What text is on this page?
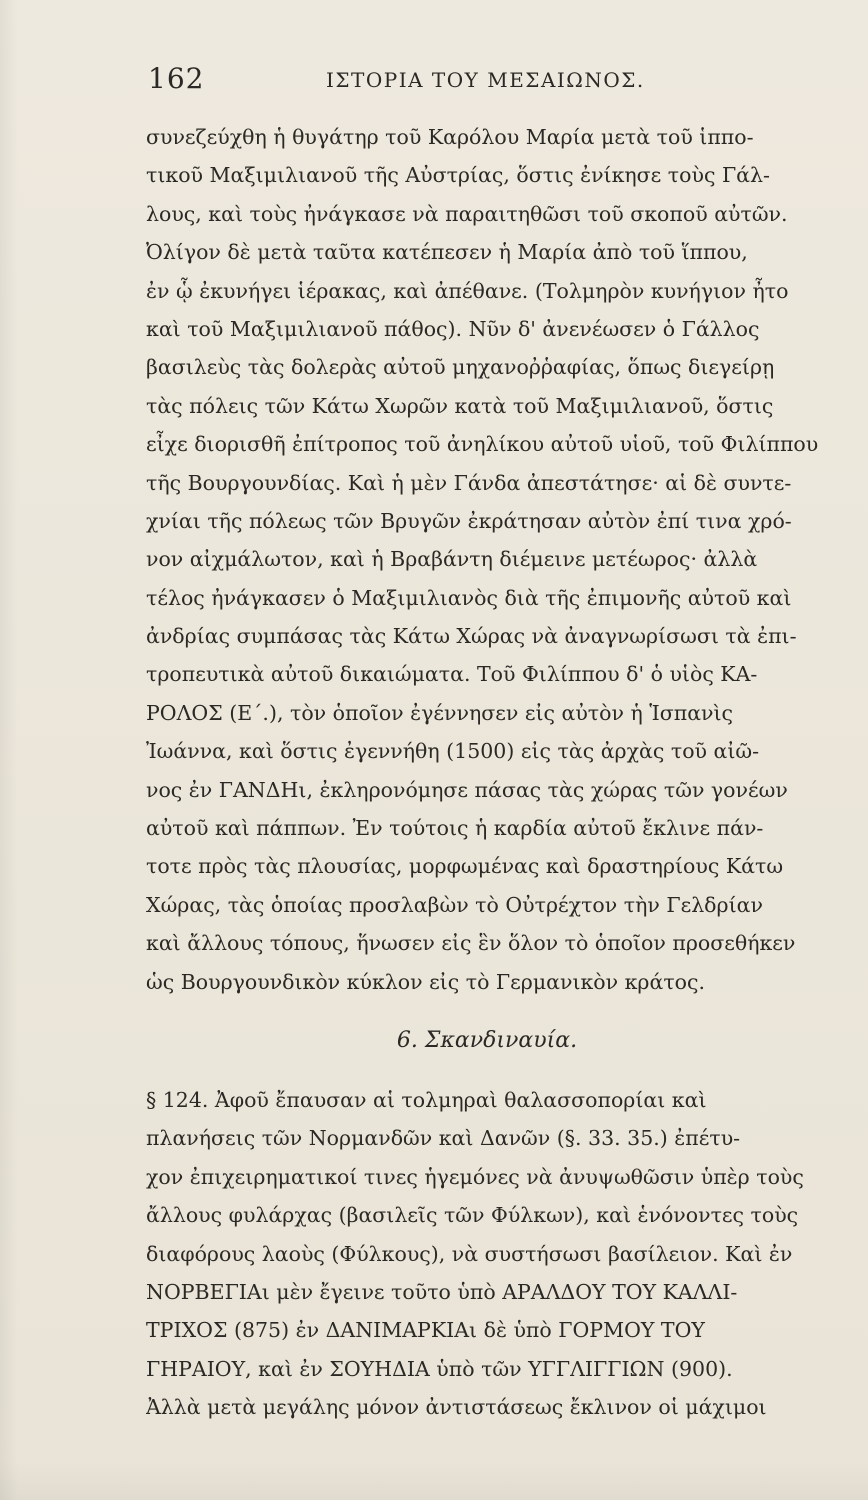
162	ΙΣΤΟΡΙΑ ΤΟΥ ΜΕΣΑΙΩΝΟΣ.
συνεζεύχθη ἡ θυγάτηρ τοῦ Καρόλου Μαρία μετὰ τοῦ ἱππο-
τικοῦ Μαξιμιλιανοῦ τῆς Αὐστρίας, ὅστις ἐνίκησε τοὺς Γάλ-
λους, καὶ τοὺς ἠνάγκασε νὰ παραιτηθῶσι τοῦ σκοποῦ αὐτῶν.
Ὀλίγον δὲ μετὰ ταῦτα κατέπεσεν ἡ Μαρία ἀπὸ τοῦ ἵππου,
ἐν ᾧ ἐκυνήγει ἱέρακας, καὶ ἀπέθανε. (Τολμηρὸν κυνήγιον ἦτο
καὶ τοῦ Μαξιμιλιανοῦ πάθος). Νῦν δ' ἀνενέωσεν ὁ Γάλλος
βασιλεὺς τὰς δολερὰς αὐτοῦ μηχανοῤῥαφίας, ὅπως διεγείρῃ
τὰς πόλεις τῶν Κάτω Χωρῶν κατὰ τοῦ Μαξιμιλιανοῦ, ὅστις
εἶχε διορισθῆ ἐπίτροπος τοῦ ἀνηλίκου αὐτοῦ υἱοῦ, τοῦ Φιλίππου
τῆς Βουργουνδίας. Καὶ ἡ μὲν Γάνδα ἀπεστάτησε· αἱ δὲ συντε-
χνίαι τῆς πόλεως τῶν Βρυγῶν ἐκράτησαν αὐτὸν ἐπί τινα χρό-
νον αἰχμάλωτον, καὶ ἡ Βραβάντη διέμεινε μετέωρος· ἀλλὰ
τέλος ἠνάγκασεν ὁ Μαξιμιλιανὸς διὰ τῆς ἐπιμονῆς αὐτοῦ καὶ
ἀνδρίας συμπάσας τὰς Κάτω Χώρας νὰ ἀναγνωρίσωσι τὰ ἐπι-
τροπευτικὰ αὐτοῦ δικαιώματα. Τοῦ Φιλίππου δ' ὁ υἱὸς ΚΑ-
ΡΟΛΟΣ (Ε΄.), τὸν ὁποῖον ἐγέννησεν εἰς αὐτὸν ἡ Ἱσπανὶς
Ἰωάννα, καὶ ὅστις ἐγεννήθη (1500) εἰς τὰς ἀρχὰς τοῦ αἰῶ-
νος ἐν ΓΑΝΔΗι, ἐκληρονόμησε πάσας τὰς χώρας τῶν γονέων
αὐτοῦ καὶ πάππων. Ἐν τούτοις ἡ καρδία αὐτοῦ ἔκλινε πάν-
τοτε πρὸς τὰς πλουσίας, μορφωμένας καὶ δραστηρίους Κάτω
Χώρας, τὰς ὁποίας προσλαβὼν τὸ Οὐτρέχτον τὴν Γελδρίαν
καὶ ἄλλους τόπους, ἥνωσεν εἰς ἓν ὅλον τὸ ὁποῖον προσεθήκεν
ὡς Βουργουνδικὸν κύκλον εἰς τὸ Γερμανικὸν κράτος.
6. Σκανδιναυία.
§ 124. Ἀφοῦ ἔπαυσαν αἱ τολμηραὶ θαλασσοπορίαι καὶ
πλανήσεις τῶν Νορμανδῶν καὶ Δανῶν (§. 33. 35.) ἐπέτυ-
χον ἐπιχειρηματικοί τινες ἡγεμόνες νὰ ἀνυψωθῶσιν ὑπὲρ τοὺς
ἄλλους φυλάρχας (βασιλεῖς τῶν Φύλκων), καὶ ἑνόνοντες τοὺς
διαφόρους λαοὺς (Φύλκους), νὰ συστήσωσι βασίλειον. Καὶ ἐν
ΝΟΡΒΕΓΙΑι μὲν ἔγεινε τοῦτο ὑπὸ ΑΡΑΛΔΟΥ ΤΟΥ ΚΑΛΛΙ-
ΤΡΙΧΟΣ (875) ἐν ΔΑΝΙΜΑΡΚΙΑι δὲ ὑπὸ ΓΟΡΜΟΥ ΤΟΥ
ΓΗΡΑΙΟΥ, καὶ ἐν ΣΟΥΗΔΙΑ ὑπὸ τῶν ΥΓΓΛΙΓΓΙΩΝ (900).
Ἀλλὰ μετὰ μεγάλης μόνον ἀντιστάσεως ἔκλινον οἱ μάχιμοι
